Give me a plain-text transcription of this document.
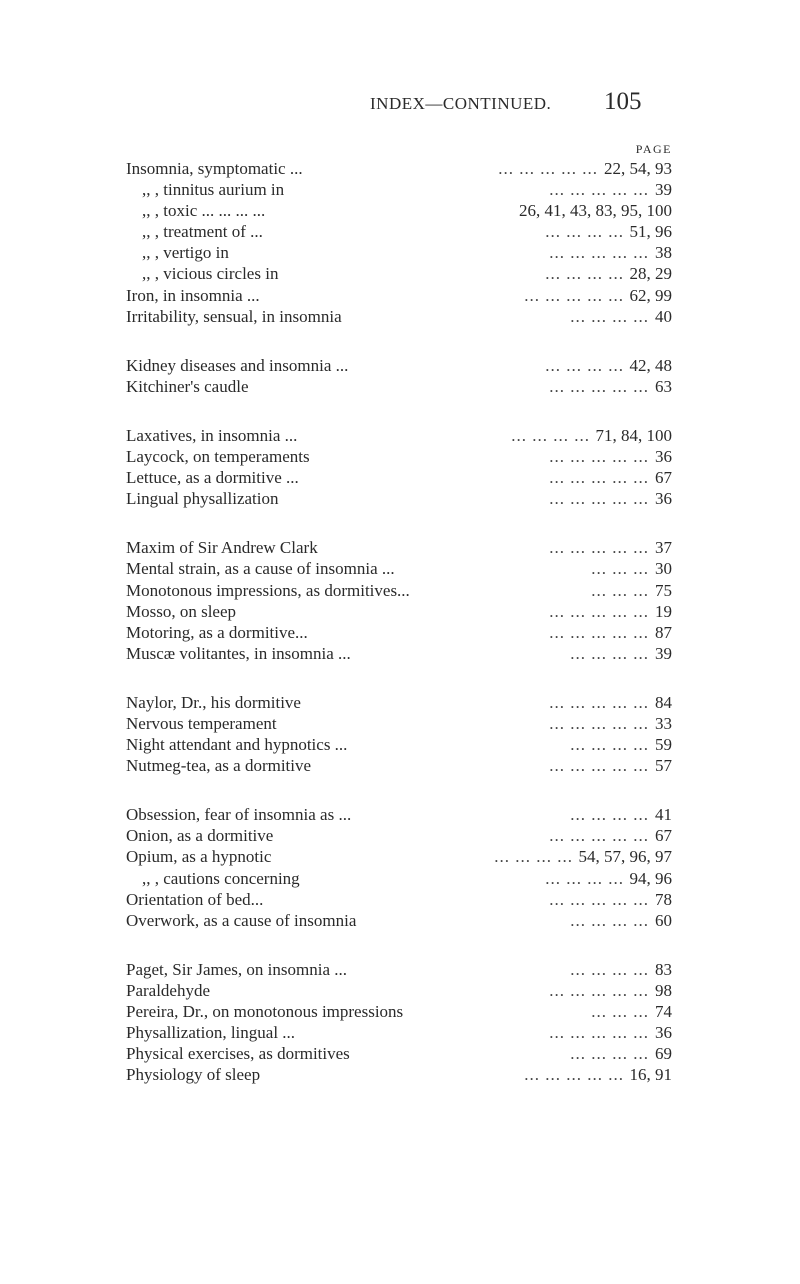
INDEX—CONTINUED. 105
PAGE
Insomnia, symptomatic ...	... ... ... ... ... 22, 54, 93
,, , tinnitus aurium in	... ... ... ... ... 39
,, , toxic ... ... ... ...	26, 41, 43, 83, 95, 100
,, , treatment of ...	... ... ... ... 51, 96
,, , vertigo in	... ... ... ... ... 38
,, , vicious circles in	... ... ... ... 28, 29
Iron, in insomnia ...	... ... ... ... ... 62, 99
Irritability, sensual, in insomnia	... ... ... ... 40
Kidney diseases and insomnia ...	... ... ... ... 42, 48
Kitchiner's caudle	... ... ... ... ... 63
Laxatives, in insomnia ...	... ... ... ... 71, 84, 100
Laycock, on temperaments	... ... ... ... ... 36
Lettuce, as a dormitive ...	... ... ... ... ... 67
Lingual physallization	... ... ... ... ... 36
Maxim of Sir Andrew Clark	... ... ... ... ... 37
Mental strain, as a cause of insomnia ...	... ... ... 30
Monotonous impressions, as dormitives...	... ... ... 75
Mosso, on sleep	... ... ... ... ... 19
Motoring, as a dormitive...	... ... ... ... ... 87
Muscæ volitantes, in insomnia ...	... ... ... ... 39
Naylor, Dr., his dormitive	... ... ... ... ... 84
Nervous temperament	... ... ... ... ... 33
Night attendant and hypnotics ...	... ... ... ... 59
Nutmeg-tea, as a dormitive	... ... ... ... ... 57
Obsession, fear of insomnia as ...	... ... ... ... 41
Onion, as a dormitive	... ... ... ... ... 67
Opium, as a hypnotic	... ... ... ... 54, 57, 96, 97
,, , cautions concerning	... ... ... ... 94, 96
Orientation of bed...	... ... ... ... ... 78
Overwork, as a cause of insomnia	... ... ... ... 60
Paget, Sir James, on insomnia ...	... ... ... ... 83
Paraldehyde	... ... ... ... ... 98
Pereira, Dr., on monotonous impressions	... ... ... 74
Physallization, lingual ...	... ... ... ... ... 36
Physical exercises, as dormitives	... ... ... ... 69
Physiology of sleep	... ... ... ... ... 16, 91
